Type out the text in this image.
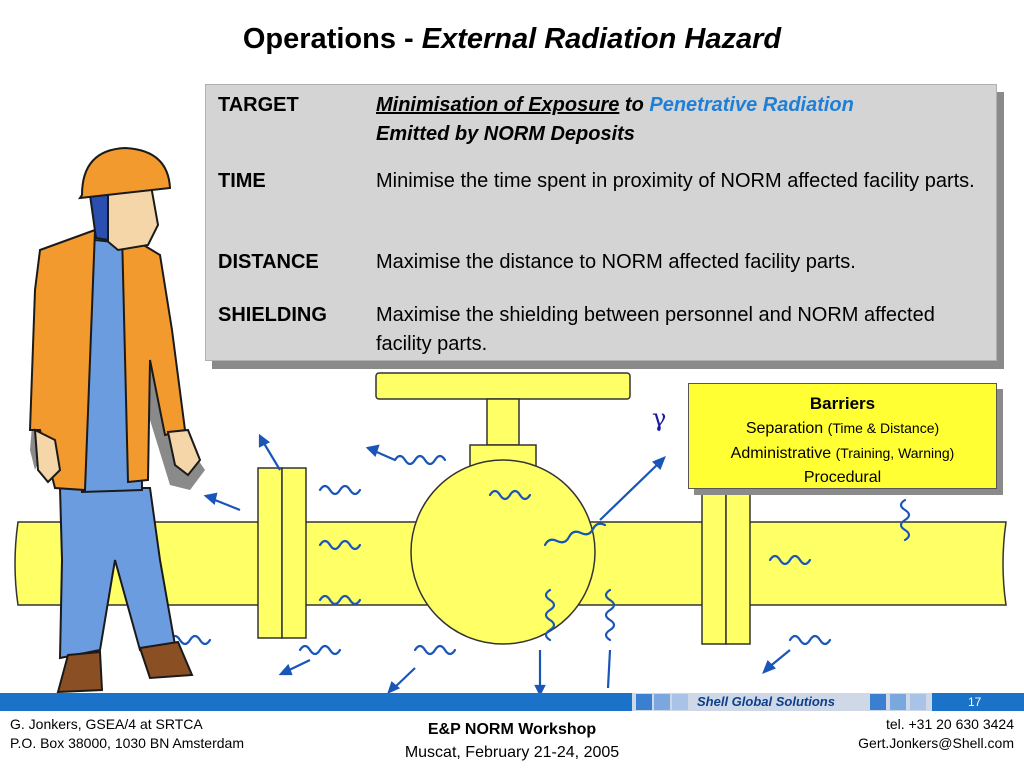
Operations - External Radiation Hazard
TARGET	Minimisation of Exposure to Penetrative Radiation
Emitted by NORM Deposits
TIME	Minimise the time spent in proximity of NORM affected facility parts.
DISTANCE	Maximise the distance to NORM affected facility parts.
SHIELDING	Maximise the shielding between personnel and NORM affected facility parts.
γ
Barriers
Separation (Time & Distance)
Administrative (Training, Warning)
Procedural
Shell Global Solutions	17
G. Jonkers, GSEA/4 at SRTCA
P.O. Box 38000, 1030 BN Amsterdam
E&P NORM Workshop
Muscat, February 21-24, 2005
tel. +31 20 630 3424
Gert.Jonkers@Shell.com
